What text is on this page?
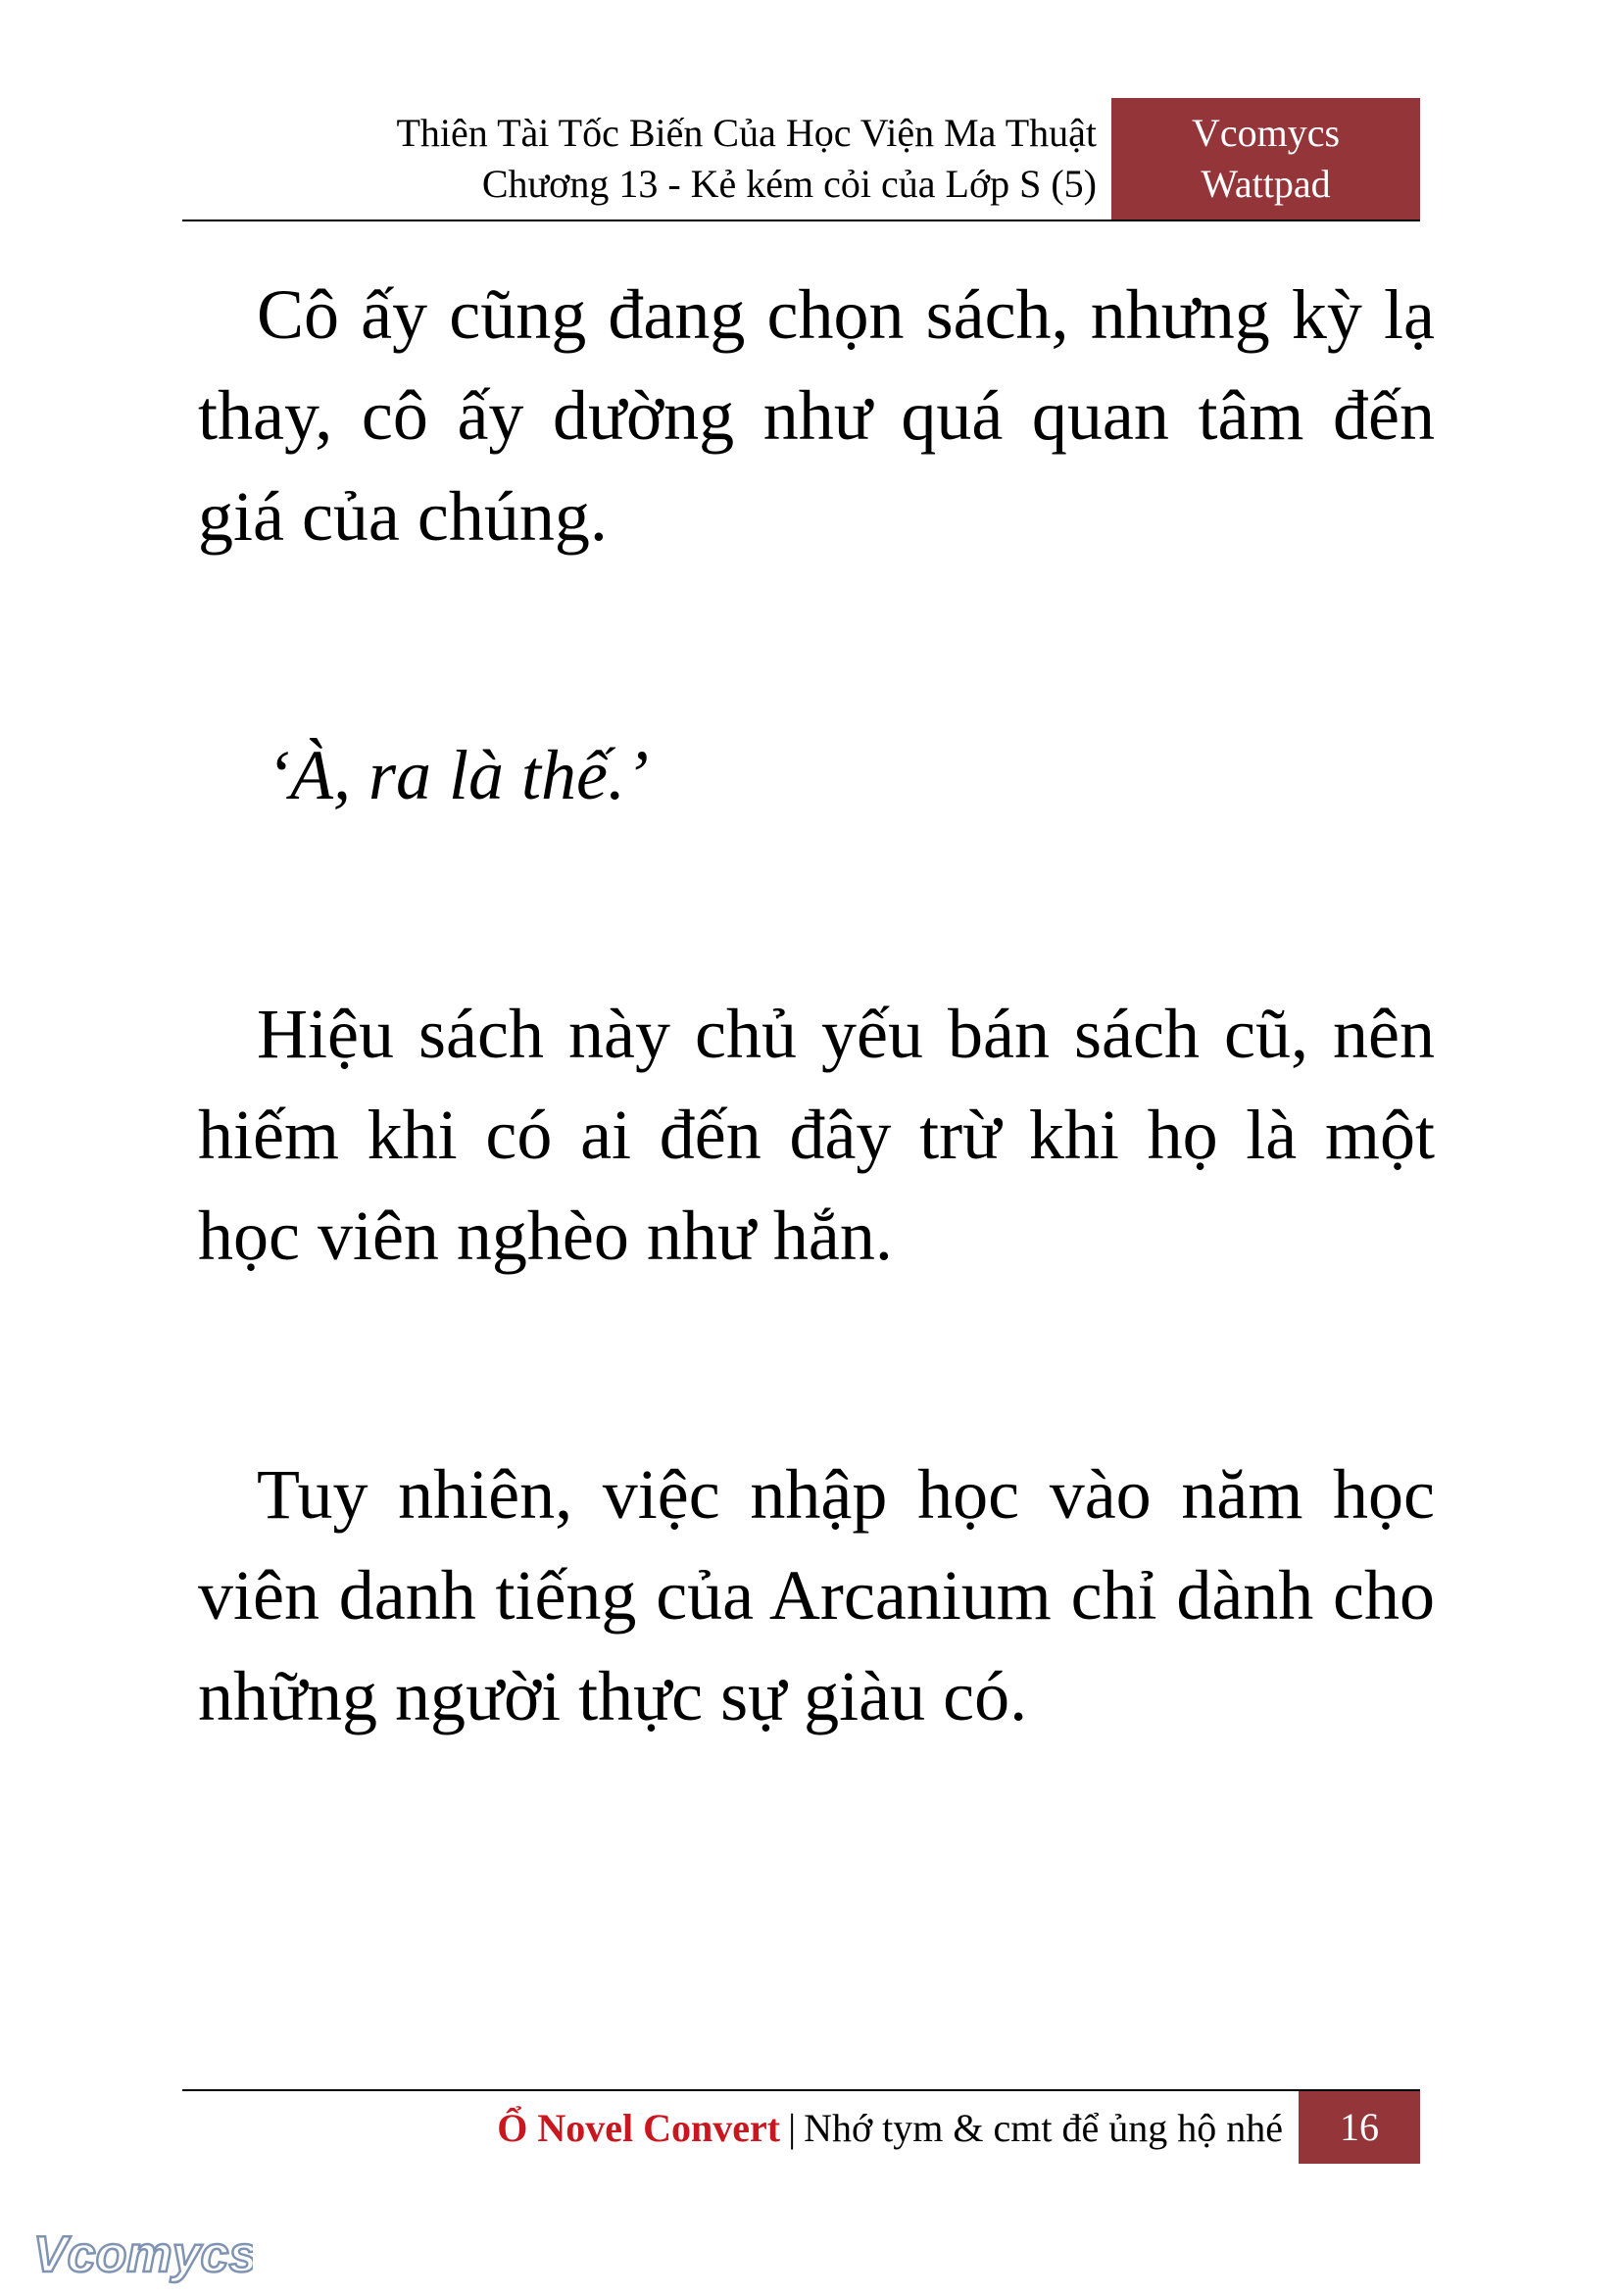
Thiên Tài Tốc Biến Của Học Viện Ma Thuật
Chương 13 - Kẻ kém cỏi của Lớp S (5)
Vcomycs
Wattpad

Cô ấy cũng đang chọn sách, nhưng kỳ lạ thay, cô ấy dường như quá quan tâm đến giá của chúng.

‘À, ra là thế.’

Hiệu sách này chủ yếu bán sách cũ, nên hiếm khi có ai đến đây trừ khi họ là một học viên nghèo như hắn.

Tuy nhiên, việc nhập học vào năm học viên danh tiếng của Arcanium chỉ dành cho những người thực sự giàu có.

Ổ Novel Convert | Nhớ tym & cmt để ủng hộ nhé	16
Vcomycs
